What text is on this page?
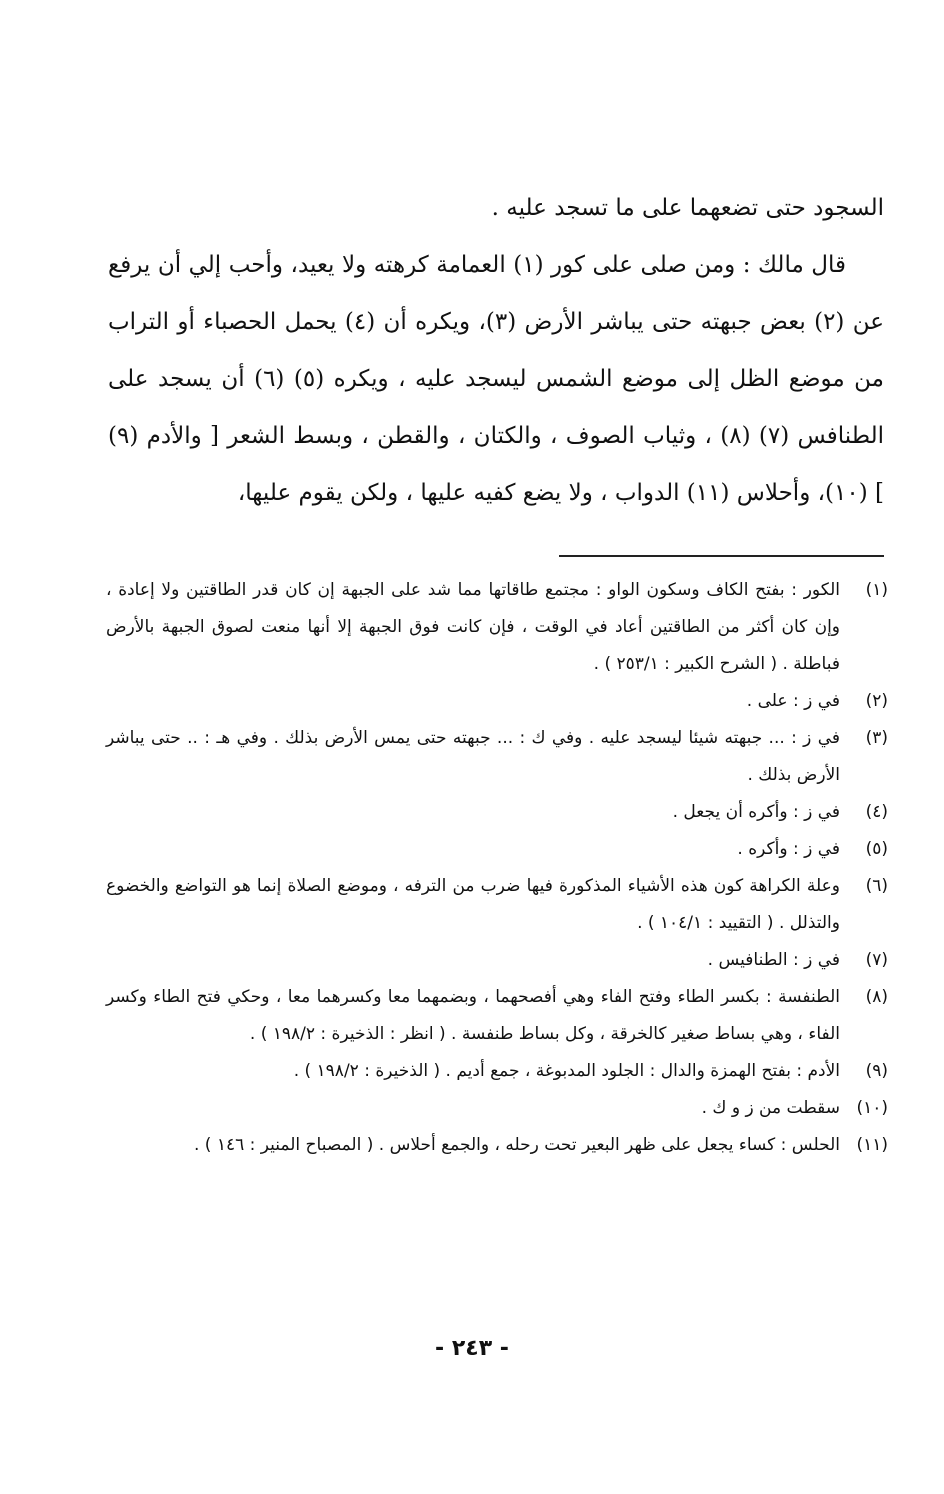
السجود حتى تضعهما على ما تسجد عليه .

قال مالك : ومن صلى على كور (١) العمامة كرهته ولا يعيد، وأحب إلي أن يرفع عن (٢) بعض جبهته حتى يباشر الأرض (٣)، ويكره أن (٤) يحمل الحصباء أو التراب من موضع الظل إلى موضع الشمس ليسجد عليه ، ويكره (٥) (٦) أن يسجد على الطنافس (٧) (٨) ، وثياب الصوف ، والكتان ، والقطن ، وبسط الشعر [ والأدم (٩) ] (١٠)، وأحلاس (١١) الدواب ، ولا يضع كفيه عليها ، ولكن يقوم عليها،

(١)
الكور : بفتح الكاف وسكون الواو : مجتمع طاقاتها مما شد على الجبهة إن كان قدر الطاقتين ولا إعادة ، وإن كان أكثر من الطاقتين أعاد في الوقت ، فإن كانت فوق الجبهة إلا أنها منعت لصوق الجبهة بالأرض فباطلة . ( الشرح الكبير : ٢٥٣/١ ) .
(٢)
في ز : على .
(٣)
في ز : ... جبهته شيئا ليسجد عليه . وفي ك : ... جبهته حتى يمس الأرض بذلك . وفي هـ : .. حتى يباشر الأرض بذلك .
(٤)
في ز : وأكره أن يجعل .
(٥)
في ز : وأكره .
(٦)
وعلة الكراهة كون هذه الأشياء المذكورة فيها ضرب من الترفه ، وموضع الصلاة إنما هو التواضع والخضوع والتذلل . ( التقييد : ١٠٤/١ ) .
(٧)
في ز : الطنافيس .
(٨)
الطنفسة : بكسر الطاء وفتح الفاء وهي أفصحهما ، وبضمهما معا وكسرهما معا ، وحكي فتح الطاء وكسر الفاء ، وهي بساط صغير كالخرقة ، وكل بساط طنفسة . ( انظر : الذخيرة : ١٩٨/٢ ) .
(٩)
الأدم : بفتح الهمزة والدال : الجلود المدبوغة ، جمع أديم . ( الذخيرة : ١٩٨/٢ ) .
(١٠)
سقطت من ز و ك .
(١١)
الحلس : كساء يجعل على ظهر البعير تحت رحله ، والجمع أحلاس . ( المصباح المنير : ١٤٦ ) .
- ٢٤٣ -
